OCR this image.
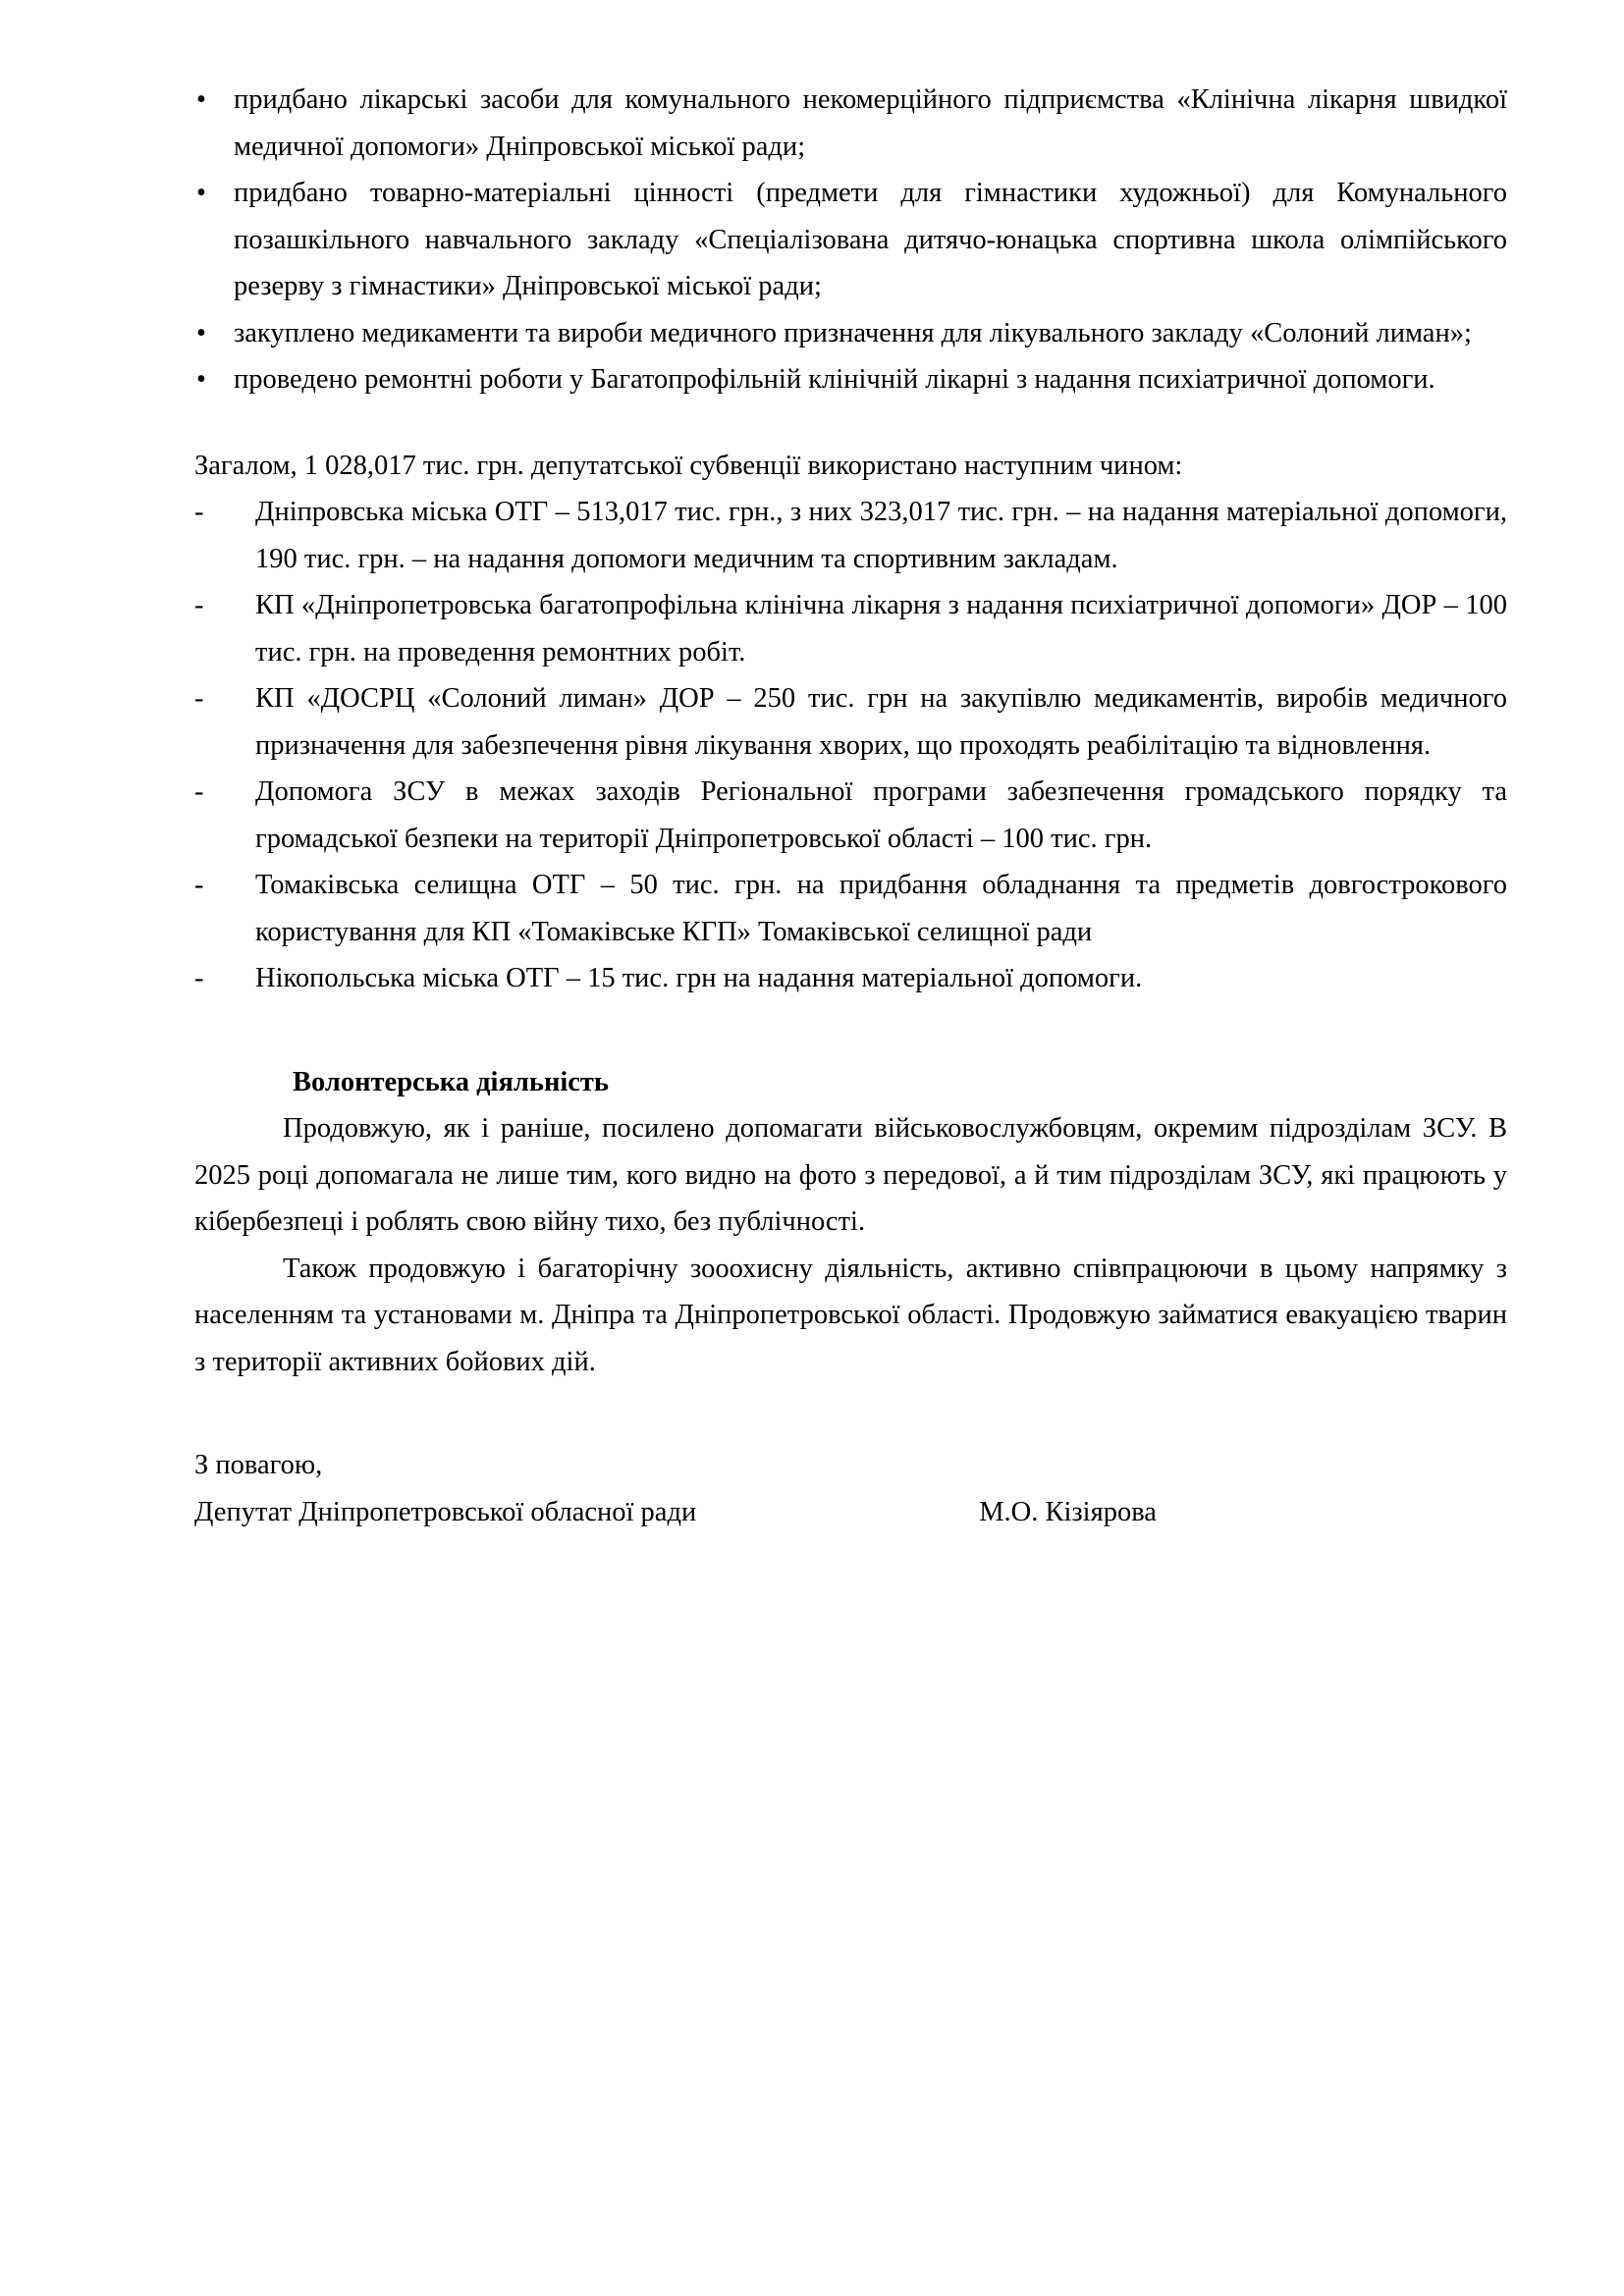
• придбано лікарські засоби для комунального некомерційного підприємства «Клінічна лікарня швидкої медичної допомоги» Дніпровської міської ради;
• придбано товарно-матеріальні цінності (предмети для гімнастики художньої) для Комунального позашкільного навчального закладу «Спеціалізована дитячо-юнацька спортивна школа олімпійського резерву з гімнастики» Дніпровської міської ради;
• закуплено медикаменти та вироби медичного призначення для лікувального закладу «Солоний лиман»;
• проведено ремонтні роботи у Багатопрофільній клінічній лікарні з надання психіатричної допомоги.
Загалом, 1 028,017 тис. грн. депутатської субвенції використано наступним чином:
-	Дніпровська міська ОТГ – 513,017 тис. грн., з них 323,017 тис. грн. – на надання матеріальної допомоги, 190 тис. грн. – на надання допомоги медичним та спортивним закладам.
-	КП «Дніпропетровська багатопрофільна клінічна лікарня з надання психіатричної допомоги» ДОР – 100 тис. грн. на проведення ремонтних робіт.
-	КП «ДОСРЦ «Солоний лиман» ДОР – 250 тис. грн на закупівлю медикаментів, виробів медичного призначення для забезпечення рівня лікування хворих, що проходять реабілітацію та відновлення.
-	Допомога ЗСУ в межах заходів Регіональної програми забезпечення громадського порядку та громадської безпеки на території Дніпропетровської області – 100 тис. грн.
-	Томаківська селищна ОТГ – 50 тис. грн. на придбання обладнання та предметів довгострокового користування для КП «Томаківське КГП» Томаківської селищної ради
-	Нікопольська міська ОТГ – 15 тис. грн на надання матеріальної допомоги.
Волонтерська діяльність
Продовжую, як і раніше, посилено допомагати військовослужбовцям, окремим підрозділам ЗСУ. В 2025 році допомагала не лише тим, кого видно на фото з передової, а й тим підрозділам ЗСУ, які працюють у кібербезпеці і роблять свою війну тихо, без публічності.
Також продовжую і багаторічну зооохисну діяльність, активно співпрацюючи в цьому напрямку з населенням та установами м. Дніпра та Дніпропетровської області. Продовжую займатися евакуацією тварин з території активних бойових дій.
З повагою,
Депутат Дніпропетровської обласної ради	М.О. Кізіярова
